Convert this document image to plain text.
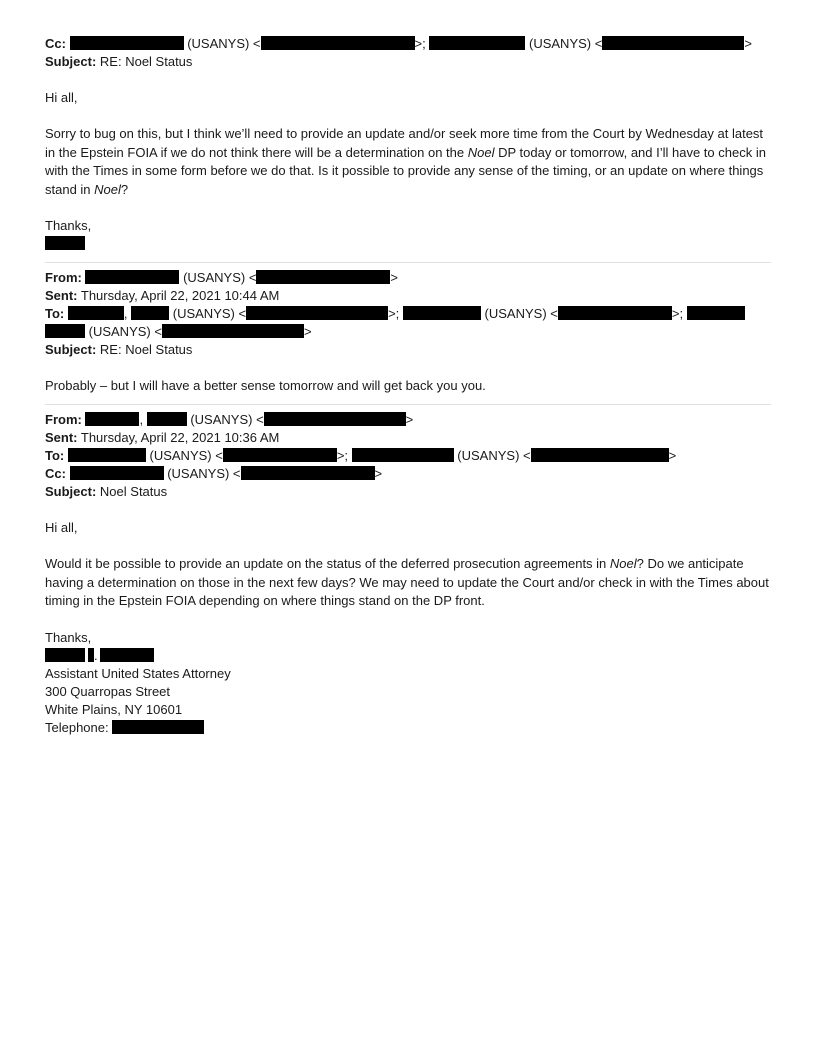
Cc:	(USANYS) <	>;	(USANYS) <	>
Subject: RE: Noel Status
Hi all,
Sorry to bug on this, but I think we’ll need to provide an update and/or seek more time from the Court by Wednesday at latest in the Epstein FOIA if we do not think there will be a determination on the Noel DP today or tomorrow, and I’ll have to check in with the Times in some form before we do that. Is it possible to provide any sense of the timing, or an update on where things stand in Noel?
Thanks,
From:	(USANYS) <	>
Sent: Thursday, April 22, 2021 10:44 AM
To:	,	(USANYS) <	>;	(USANYS) <	>;
(USANYS) <	>
Subject: RE: Noel Status
Probably – but I will have a better sense tomorrow and will get back you you.
From:	,	(USANYS) <	>
Sent: Thursday, April 22, 2021 10:36 AM
To:	(USANYS) <	>;	(USANYS) <	>
Cc:	(USANYS) <	>
Subject: Noel Status
Hi all,
Would it be possible to provide an update on the status of the deferred prosecution agreements in Noel? Do we anticipate having a determination on those in the next few days? We may need to update the Court and/or check in with the Times about timing in the Epstein FOIA depending on where things stand on the DP front.
Thanks,
.
Assistant United States Attorney
300 Quarropas Street
White Plains, NY 10601
Telephone:
